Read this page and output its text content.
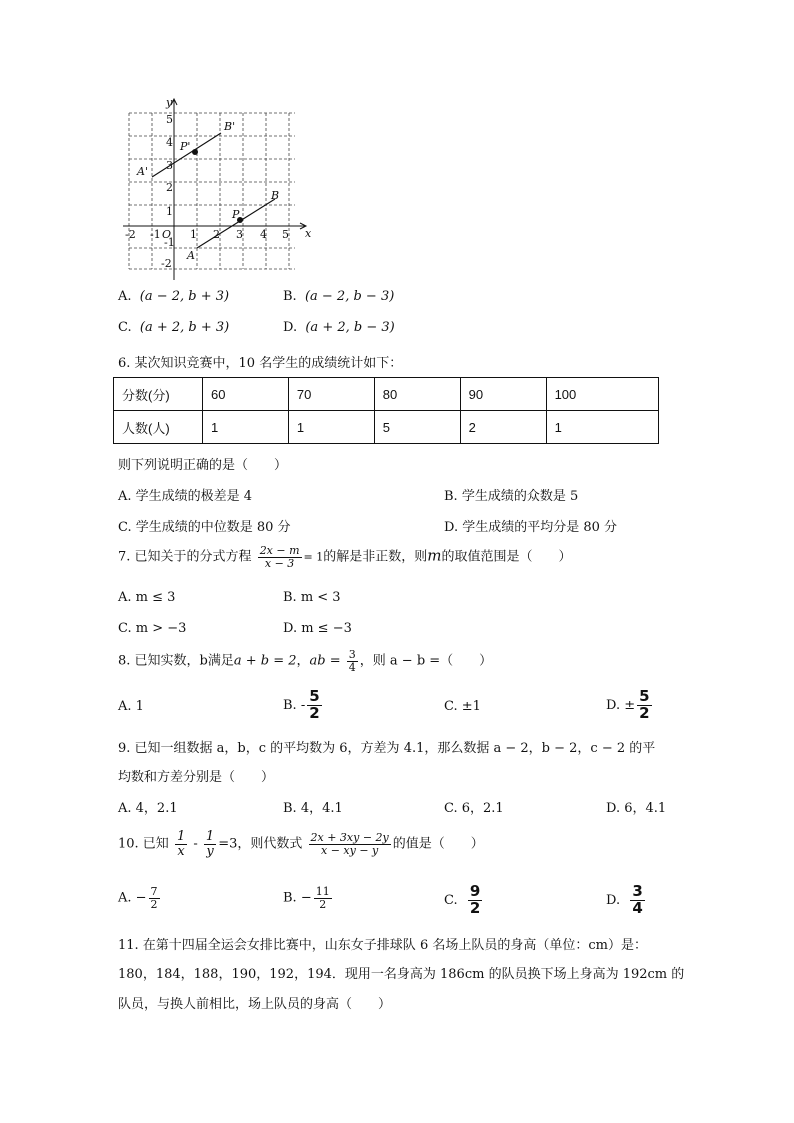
x
y
-2 -1 O 1 2 3 4 5
5
4
3
2
1
-1
-2
A
B
P
A'
B'
P'
A. (a − 2, b + 3)	B. (a − 2, b − 3)
C. (a + 2, b + 3)	D. (a + 2, b − 3)
6. 某次知识竞赛中，10 名学生的成绩统计如下：
分数(分)	60	70	80	90	100
人数(人)	1	1	5	2	1
则下列说明正确的是（　　）
A. 学生成绩的极差是 4	B. 学生成绩的众数是 5
C. 学生成绩的中位数是 80 分	D. 学生成绩的平均分是 80 分
7. 已知关于的分式方程 $\frac{2x - m}{x - 3} = 1$的解是非正数，则m的取值范围是（　　）
A. m ≤ 3	B. m < 3
C. m > −3	D. m ≤ −3
8. 已知实数，b满足a + b = 2，ab = $\frac{3}{4}$ ，则 a − b =（　　）
A. 1	B. - $\frac{5}{2}$	C. ±1	D. ± $\frac{5}{2}$
9. 已知一组数据 a，b，c 的平均数为 6，方差为 4.1，那么数据 a − 2，b − 2，c − 2 的平
均数和方差分别是（　　）
A. 4，2.1	B. 4，4.1	C. 6，2.1	D. 6，4.1
10. 已知 $\frac{1}{x} - \frac{1}{y} =3$，则代数式 $\frac{2x + 3xy - 2y}{x - xy - y}$ 的值是（　　）
A. − $\frac{7}{2}$	B. − $\frac{11}{2}$	C. $\frac{9}{2}$	D. $\frac{3}{4}$
11. 在第十四届全运会女排比赛中，山东女子排球队 6 名场上队员的身高（单位：cm）是：
180，184，188，190，192，194．现用一名身高为 186cm 的队员换下场上身高为 192cm 的
队员，与换人前相比，场上队员的身高（　　）
